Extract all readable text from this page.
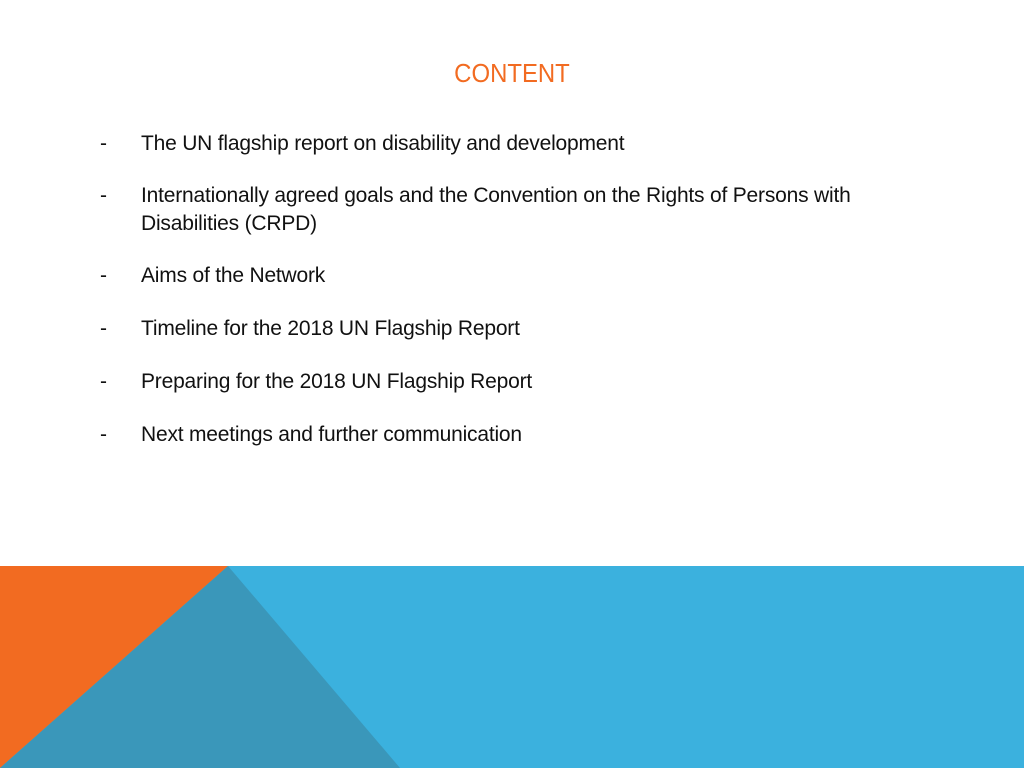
CONTENT
-	The UN flagship report on disability and development
-	Internationally agreed goals and the Convention on the Rights of Persons with Disabilities (CRPD)
-	Aims of the Network
-	Timeline for the 2018 UN Flagship Report
-	Preparing for the 2018 UN Flagship Report
-	Next meetings and further communication
